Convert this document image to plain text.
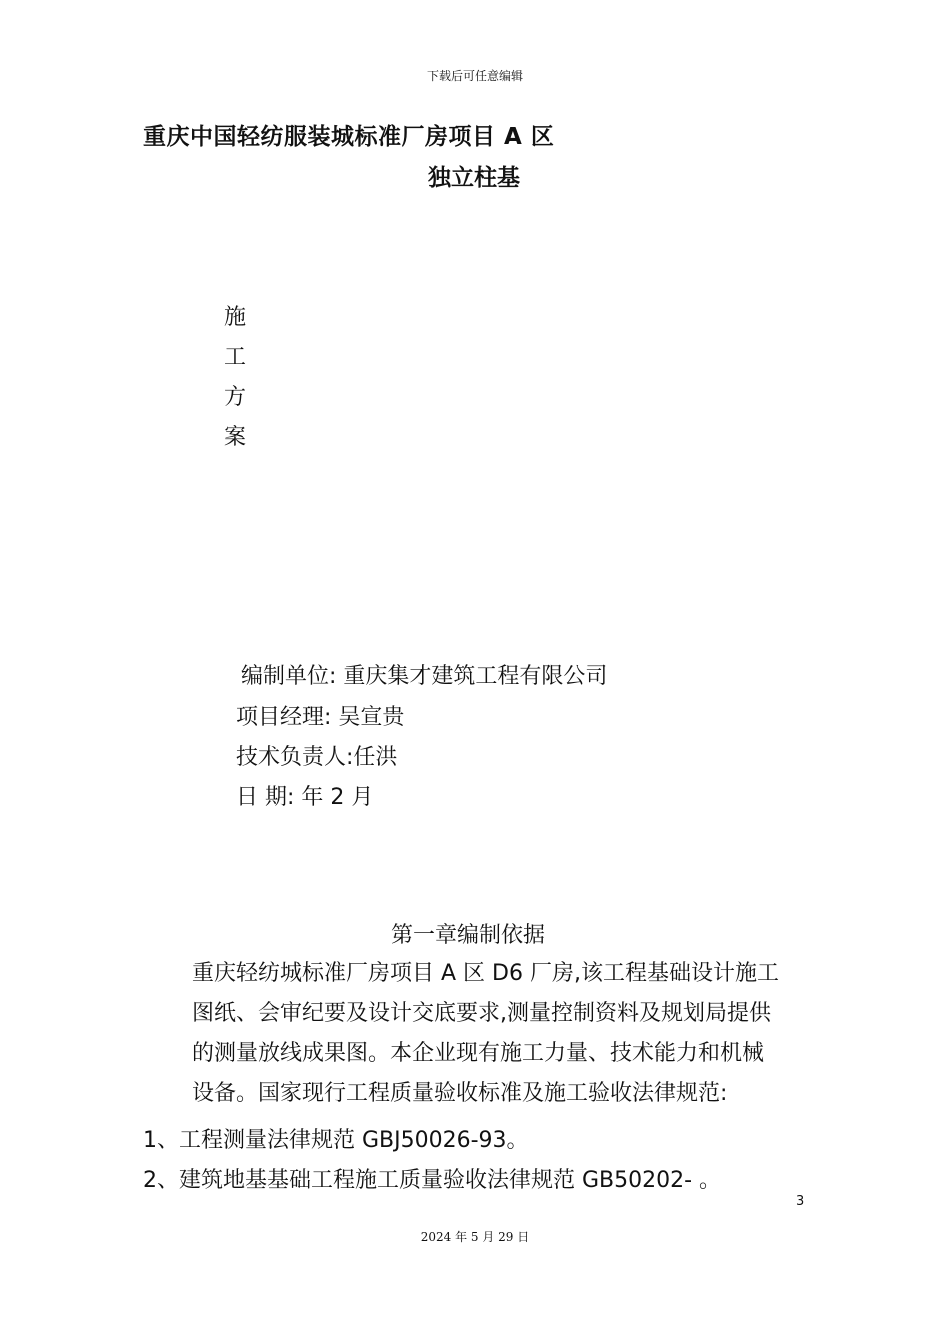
下载后可任意编辑
重庆中国轻纺服装城标准厂房项目 A 区
独立柱基
施
工
方
案
编制单位: 重庆集才建筑工程有限公司
项目经理: 吴宣贵
技术负责人:任洪
日 期: 年 2 月
第一章编制依据
重庆轻纺城标准厂房项目 A 区 D6 厂房,该工程基础设计施工
图纸、会审纪要及设计交底要求,测量控制资料及规划局提供
的测量放线成果图。本企业现有施工力量、技术能力和机械
设备。国家现行工程质量验收标准及施工验收法律规范:
1、工程测量法律规范 GBJ50026-93。
2、建筑地基基础工程施工质量验收法律规范 GB50202- 。
3
2024 年 5 月 29 日
